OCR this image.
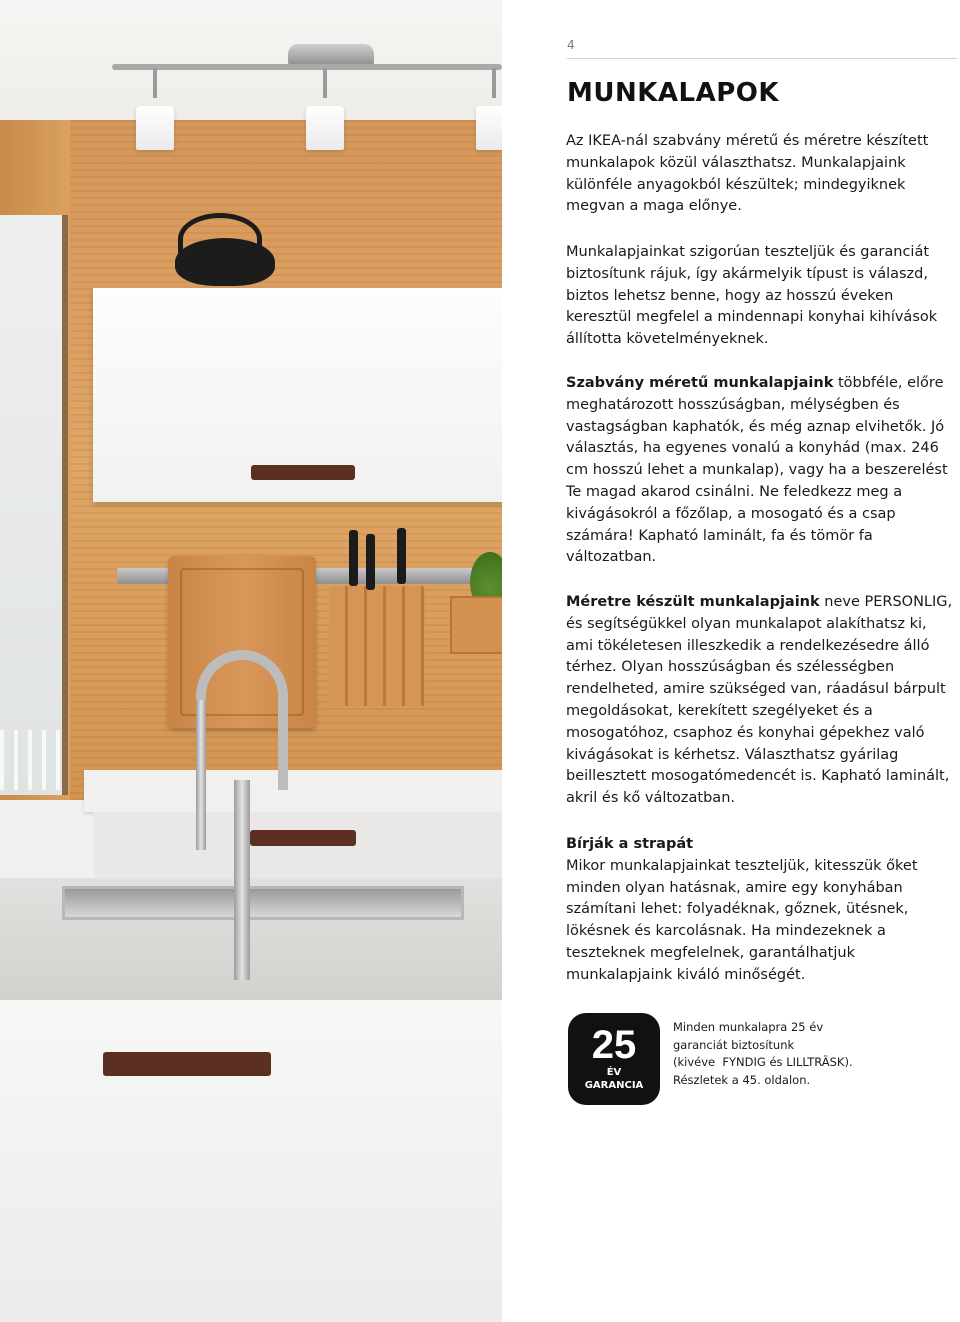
4
MUNKALAPOK

Az IKEA-nál szabvány méretű és méretre készített munkalapok közül választhatsz. Munkalapjaink különféle anyagokból készültek; mindegyiknek megvan a maga előnye.

Munkalapjainkat szigorúan teszteljük és garanciát biztosítunk rájuk, így akármelyik típust is válaszd, biztos lehetsz benne, hogy az hosszú éveken keresztül megfelel a mindennapi konyhai kihívások állította követelményeknek.

Szabvány méretű munkalapjaink többféle, előre meghatározott hosszúságban, mélységben és vastagságban kaphatók, és még aznap elvihetők. Jó választás, ha egyenes vonalú a konyhád (max. 246 cm hosszú lehet a munkalap), vagy ha a beszerelést Te magad akarod csinálni. Ne feledkezz meg a kivágásokról a főzőlap, a mosogató és a csap számára! Kapható laminált, fa és tömör fa változatban.

Méretre készült munkalapjaink neve PERSONLIG, és segítségükkel olyan munkalapot alakíthatsz ki, ami tökéletesen illeszkedik a rendelkezésedre álló térhez. Olyan hosszúságban és szélességben rendelheted, amire szükséged van, ráadásul bárpult megoldásokat, kerekített szegélyeket és a mosogatóhoz, csaphoz és konyhai gépekhez való kivágásokat is kérhetsz. Választhatsz gyárilag beillesztett mosogatómedencét is. Kapható laminált, akril és kő változatban.

Bírják a strapát
Mikor munkalapjainkat teszteljük, kitesszük őket minden olyan hatásnak, amire egy konyhában számítani lehet: folyadéknak, gőznek, ütésnek, lökésnek és karcolásnak. Ha mindezeknek a teszteknek megfelelnek, garantálhatjuk munkalapjaink kiváló minőségét.

25
ÉV
GARANCIA

Minden munkalapra 25 év
garanciát biztosítunk
(kivéve  FYNDIG és LILLTRÄSK).
Részletek a 45. oldalon.
